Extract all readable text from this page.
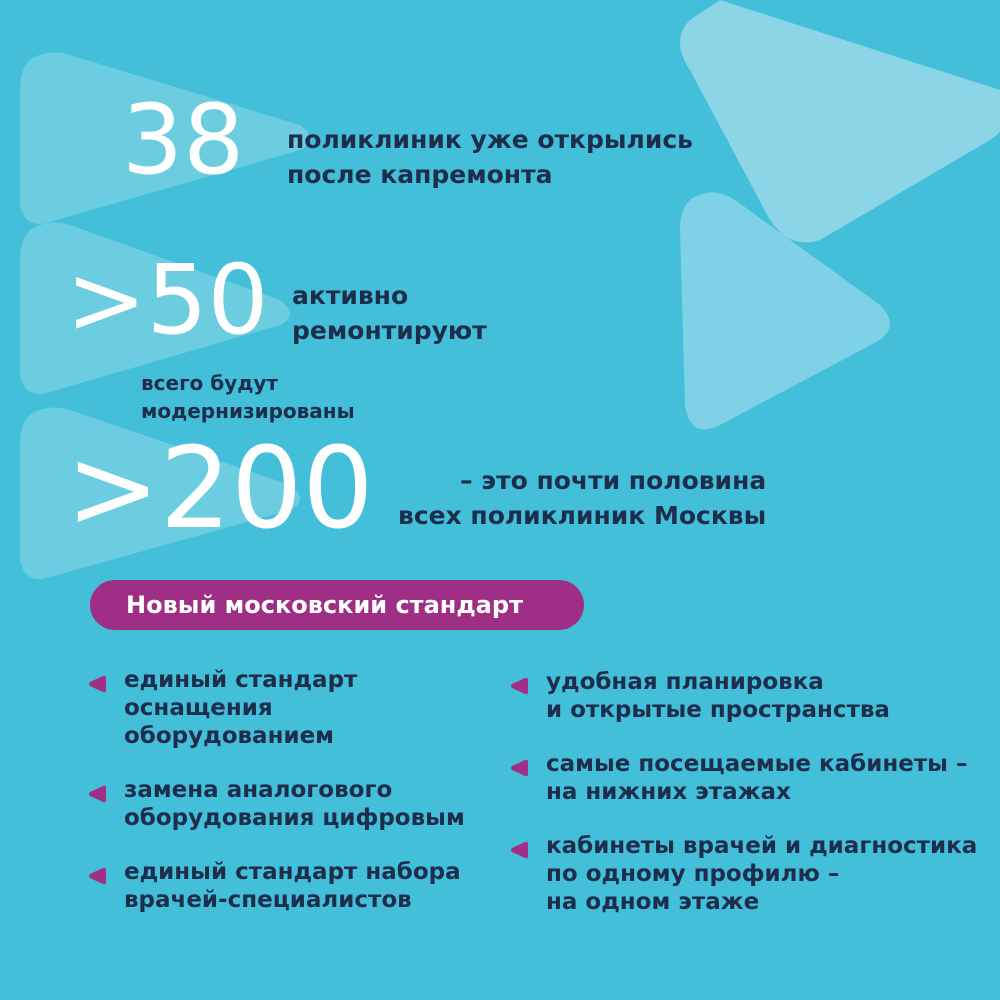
38 поликлиник уже открылись
после капремонта
>50 активно
ремонтируют
всего будут
модернизированы
>200	– это почти половина
всех поликлиник Москвы
Новый московский стандарт
единый стандарт
оснащения
оборудованием
замена аналогового
оборудования цифровым
единый стандарт набора
врачей-специалистов
удобная планировка
и открытые пространства
самые посещаемые кабинеты –
на нижних этажах
кабинеты врачей и диагностика
по одному профилю –
на одном этаже
